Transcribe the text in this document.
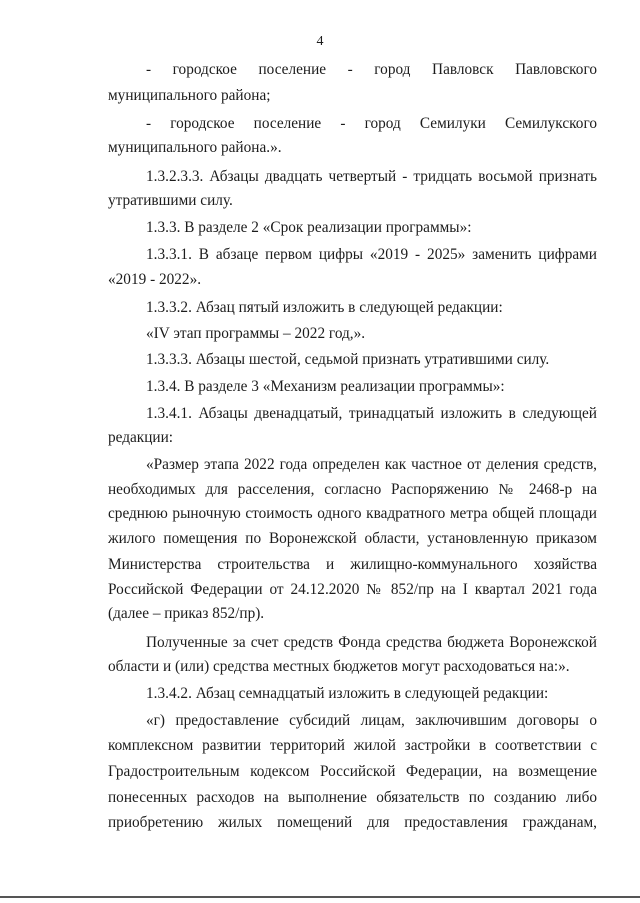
4
- городское поселение - город Павловск Павловского
муниципального района;
- городское поселение - город Семилуки Семилукского
муниципального района.».
1.3.2.3.3. Абзацы двадцать четвертый - тридцать восьмой признать
утратившими силу.
1.3.3. В разделе 2 «Срок реализации программы»:
1.3.3.1. В абзаце первом цифры «2019 - 2025» заменить цифрами
«2019 - 2022».
1.3.3.2. Абзац пятый изложить в следующей редакции:
«IV этап программы – 2022 год,».
1.3.3.3. Абзацы шестой, седьмой признать утратившими силу.
1.3.4. В разделе 3 «Механизм реализации программы»:
1.3.4.1. Абзацы двенадцатый, тринадцатый изложить в следующей
редакции:
«Размер этапа 2022 года определен как частное от деления средств,
необходимых для расселения, согласно Распоряжению № 2468-р на
среднюю рыночную стоимость одного квадратного метра общей площади
жилого помещения по Воронежской области, установленную приказом
Министерства строительства и жилищно-коммунального хозяйства
Российской Федерации от 24.12.2020 № 852/пр на I квартал 2021 года
(далее – приказ 852/пр).
Полученные за счет средств Фонда средства бюджета Воронежской
области и (или) средства местных бюджетов могут расходоваться на:».
1.3.4.2. Абзац семнадцатый изложить в следующей редакции:
«г) предоставление субсидий лицам, заключившим договоры о
комплексном развитии территорий жилой застройки в соответствии с
Градостроительным кодексом Российской Федерации, на возмещение
понесенных расходов на выполнение обязательств по созданию либо
приобретению жилых помещений для предоставления гражданам,
